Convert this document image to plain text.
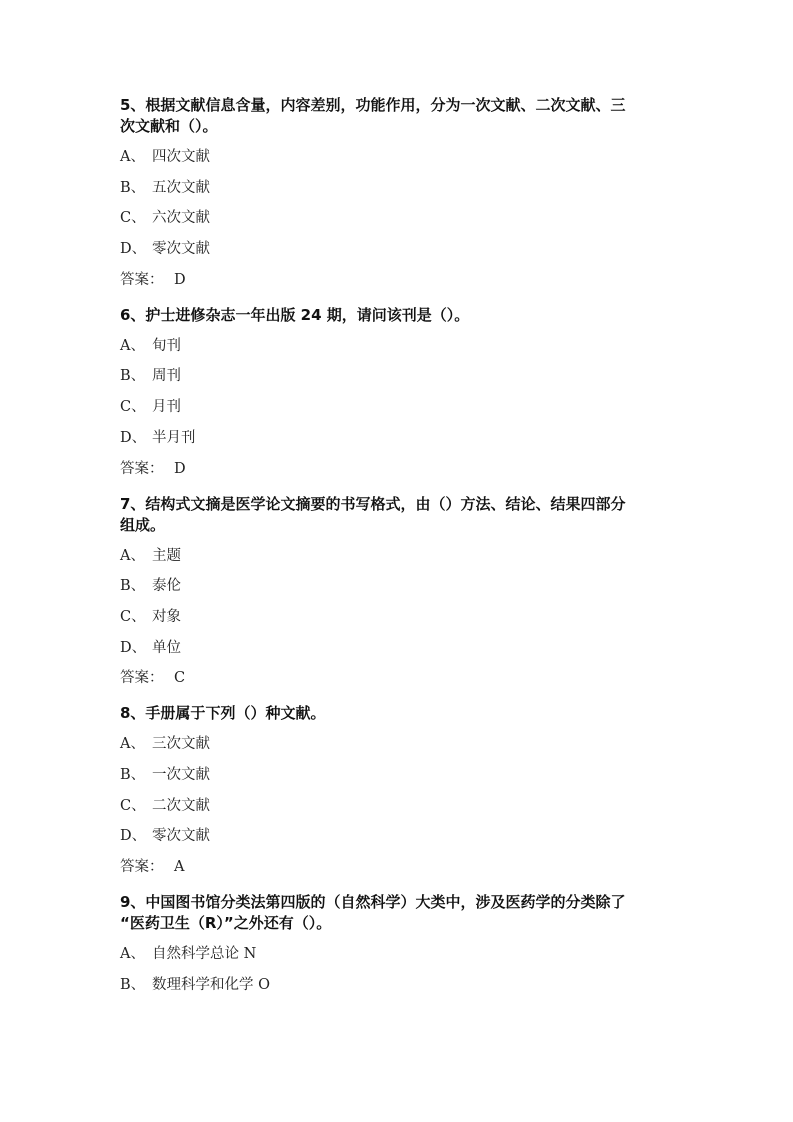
5、根据文献信息含量，内容差别，功能作用，分为一次文献、二次文献、三
次文献和（）。
A、 四次文献
B、 五次文献
C、 六次文献
D、 零次文献
答案： D
6、护士进修杂志一年出版 24 期，请问该刊是（）。
A、 旬刊
B、 周刊
C、 月刊
D、 半月刊
答案： D
7、结构式文摘是医学论文摘要的书写格式，由（）方法、结论、结果四部分
组成。
A、 主题
B、 泰伦
C、 对象
D、 单位
答案： C
8、手册属于下列（）种文献。
A、 三次文献
B、 一次文献
C、 二次文献
D、 零次文献
答案： A
9、中国图书馆分类法第四版的（自然科学）大类中，涉及医药学的分类除了
“医药卫生（R）”之外还有（）。
A、 自然科学总论 N
B、 数理科学和化学 O
